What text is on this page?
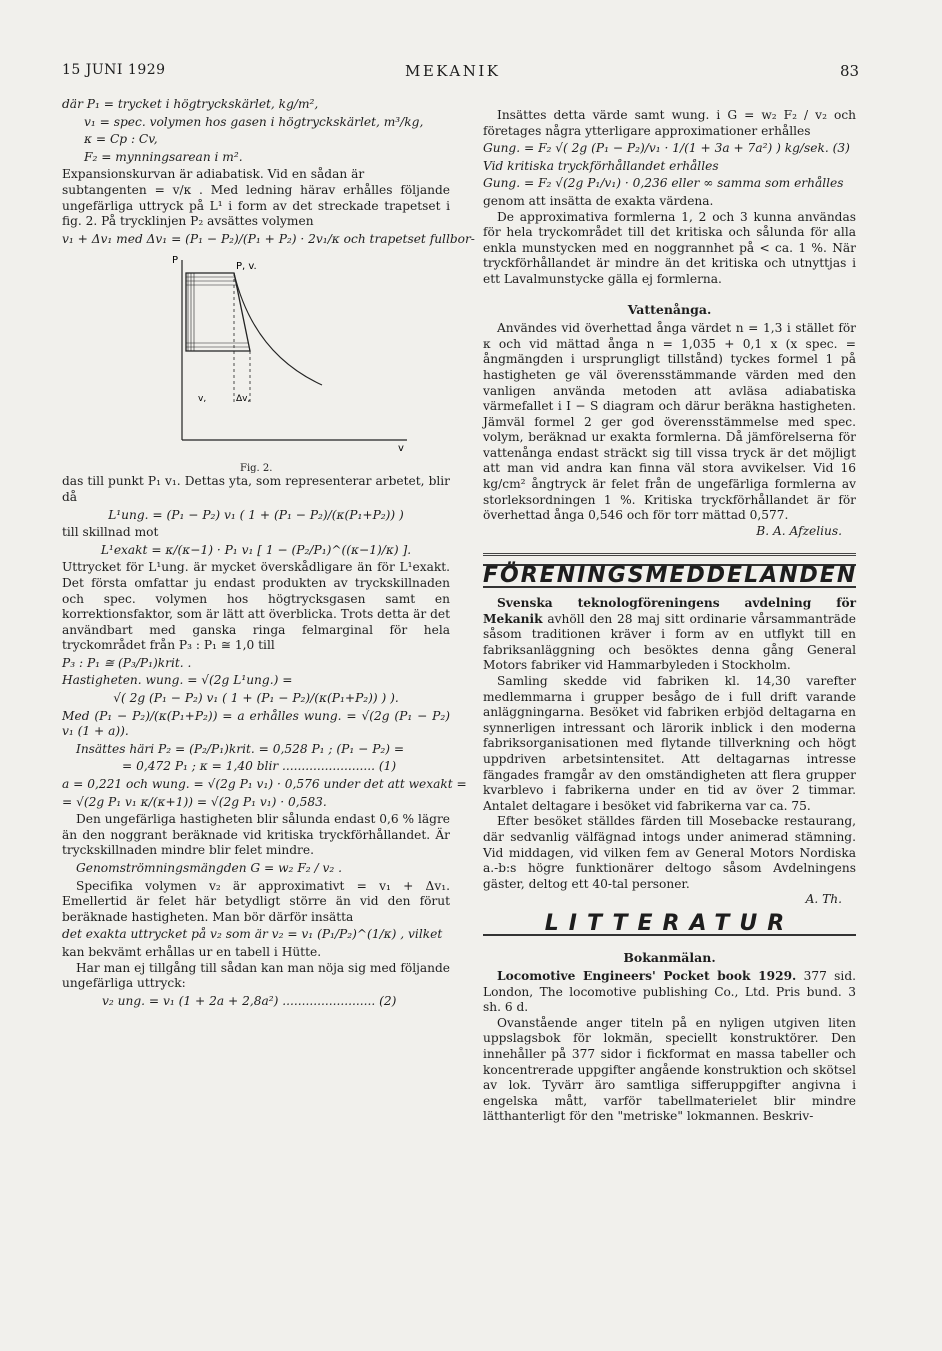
15 JUNI 1929	MEKANIK	83

där P₁ = trycket i högtryckskärlet, kg/m²,

v₁ = spec. volymen hos gasen i högtryckskärlet, m³/kg,

κ = Cp : Cv,

F₂ = mynningsarean i m².

Expansionskurvan är adiabatisk. Vid en sådan är

subtangenten = v/κ . Med ledning härav erhålles följande ungefärliga uttryck på L¹ i form av det streckade trapetset i fig. 2. På trycklinjen P₂ avsättes volymen

v₁ + Δv₁ med Δv₁ = (P₁ − P₂)/(P₁ + P₂) · 2v₁/κ och trapetset fullbor-

P
P, v.
v,	Δv,
v
Fig. 2.

das till punkt P₁ v₁. Dettas yta, som representerar arbetet, blir då

L¹ung. = (P₁ − P₂) v₁ ( 1 + (P₁ − P₂)/(κ(P₁+P₂)) )

till skillnad mot

L¹exakt = κ/(κ−1) · P₁ v₁ [ 1 − (P₂/P₁)^((κ−1)/κ) ].

Uttrycket för L¹ung. är mycket överskådligare än för L¹exakt. Det första omfattar ju endast produkten av tryckskillnaden och spec. volymen hos högtrycksgasen samt en korrektionsfaktor, som är lätt att överblicka. Trots detta är det användbart med ganska ringa felmarginal för hela tryckområdet från P₃ : P₁ ≅ 1,0 till

P₃ : P₁ ≅ (P₃/P₁)krit. .

Hastigheten. wung. = √(2g L¹ung.) =

√( 2g (P₁ − P₂) v₁ ( 1 + (P₁ − P₂)/(κ(P₁+P₂)) ) ).

Med (P₁ − P₂)/(κ(P₁+P₂)) = a erhålles wung. = √(2g (P₁ − P₂) v₁ (1 + a)).

Insättes häri P₂ = (P₂/P₁)krit. = 0,528 P₁ ; (P₁ − P₂) =

= 0,472 P₁ ; κ = 1,40 blir ........................ (1)

a = 0,221 och wung. = √(2g P₁ v₁) · 0,576 under det att wexakt =

= √(2g P₁ v₁ κ/(κ+1)) = √(2g P₁ v₁) · 0,583.

Den ungefärliga hastigheten blir sålunda endast 0,6 % lägre än den noggrant beräknade vid kritiska tryckförhållandet. Är tryckskillnaden mindre blir felet mindre.

Genomströmningsmängden G = w₂ F₂ / v₂ .

Specifika volymen v₂ är approximativt = v₁ + Δv₁. Emellertid är felet här betydligt större än vid den förut beräknade hastigheten. Man bör därför insätta

det exakta uttrycket på v₂ som är v₂ = v₁ (P₁/P₂)^(1/κ) , vilket

kan bekvämt erhållas ur en tabell i Hütte.

Har man ej tillgång till sådan kan man nöja sig med följande ungefärliga uttryck:

v₂ ung. = v₁ (1 + 2a + 2,8a²) ........................ (2)

Insättes detta värde samt wung. i G = w₂ F₂ / v₂ och företages några ytterligare approximationer erhålles

Gung. = F₂ √( 2g (P₁ − P₂)/v₁ · 1/(1 + 3a + 7a²) ) kg/sek. (3)

Vid kritiska tryckförhållandet erhålles

Gung. = F₂ √(2g P₁/v₁) · 0,236 eller ∞ samma som erhålles

genom att insätta de exakta värdena.

De approximativa formlerna 1, 2 och 3 kunna användas för hela tryckområdet till det kritiska och sålunda för alla enkla munstycken med en noggrannhet på < ca. 1 %. När tryckförhållandet är mindre än det kritiska och utnyttjas i ett Lavalmunstycke gälla ej formlerna.

Vattenånga.

Användes vid överhettad ånga värdet n = 1,3 i stället för κ och vid mättad ånga n = 1,035 + 0,1 x (x spec. = ångmängden i ursprungligt tillstånd) tyckes formel 1 på hastigheten ge väl överensstämmande värden med den vanligen använda metoden att avläsa adiabatiska värmefallet i I − S diagram och därur beräkna hastigheten. Jämväl formel 2 ger god överensstämmelse med spec. volym, beräknad ur exakta formlerna. Då jämförelserna för vattenånga endast sträckt sig till vissa tryck är det möjligt att man vid andra kan finna väl stora avvikelser. Vid 16 kg/cm² ångtryck är felet från de ungefärliga formlerna av storleksordningen 1 %. Kritiska tryckförhållandet är för överhettad ånga 0,546 och för torr mättad 0,577.

B. A. Afzelius.

FÖRENINGSMEDDELANDEN

Svenska teknologföreningens avdelning för Mekanik avhöll den 28 maj sitt ordinarie vårsammanträde såsom traditionen kräver i form av en utflykt till en fabriksanläggning och besöktes denna gång General Motors fabriker vid Hammarbyleden i Stockholm.

Samling skedde vid fabriken kl. 14,30 varefter medlemmarna i grupper besågo de i full drift varande anläggningarna. Besöket vid fabriken erbjöd deltagarna en synnerligen intressant och lärorik inblick i den moderna fabriksorganisationen med flytande tillverkning och högt uppdriven arbetsintensitet. Att deltagarnas intresse fängades framgår av den omständigheten att flera grupper kvarblevo i fabrikerna under en tid av över 2 timmar. Antalet deltagare i besöket vid fabrikerna var ca. 75.

Efter besöket ställdes färden till Mosebacke restaurang, där sedvanlig välfägnad intogs under animerad stämning. Vid middagen, vid vilken fem av General Motors Nordiska a.-b:s högre funktionärer deltogo såsom Avdelningens gäster, deltog ett 40-tal personer.

A. Th.

LITTERATUR
Bokanmälan.

Locomotive Engineers' Pocket book 1929. 377 sid. London, The locomotive publishing Co., Ltd. Pris bund. 3 sh. 6 d.

Ovanstående anger titeln på en nyligen utgiven liten uppslagsbok för lokmän, speciellt konstruktörer. Den innehåller på 377 sidor i fickformat en massa tabeller och koncentrerade uppgifter angående konstruktion och skötsel av lok. Tyvärr äro samtliga sifferuppgifter angivna i engelska mått, varför tabellmaterielet blir mindre lätthanterligt för den "metriske" lokmannen. Beskriv-
